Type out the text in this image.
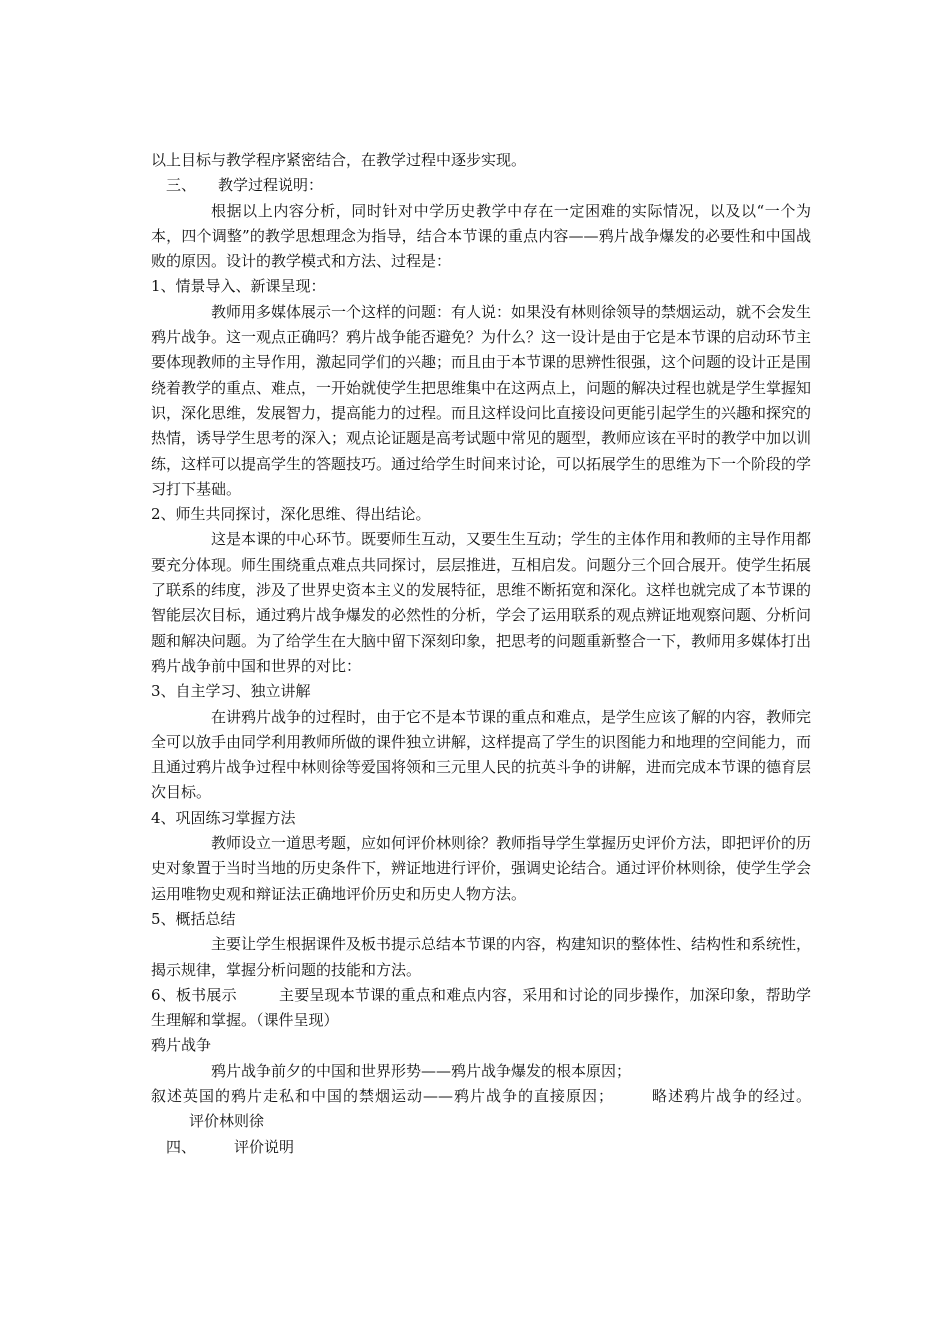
以上目标与教学程序紧密结合，在教学过程中逐步实现。

三、 教学过程说明：

根据以上内容分析，同时针对中学历史教学中存在一定困难的实际情况，以及以“一个为本，四个调整”的教学思想理念为指导，结合本节课的重点内容——鸦片战争爆发的必要性和中国战败的原因。设计的教学模式和方法、过程是：

1、情景导入、新课呈现：

教师用多媒体展示一个这样的问题：有人说：如果没有林则徐领导的禁烟运动，就不会发生鸦片战争。这一观点正确吗？鸦片战争能否避免？为什么？这一设计是由于它是本节课的启动环节主要体现教师的主导作用，激起同学们的兴趣；而且由于本节课的思辨性很强，这个问题的设计正是围绕着教学的重点、难点，一开始就使学生把思维集中在这两点上，问题的解决过程也就是学生掌握知识，深化思维，发展智力，提高能力的过程。而且这样设问比直接设问更能引起学生的兴趣和探究的热情，诱导学生思考的深入；观点论证题是高考试题中常见的题型，教师应该在平时的教学中加以训练，这样可以提高学生的答题技巧。通过给学生时间来讨论，可以拓展学生的思维为下一个阶段的学习打下基础。

2、师生共同探讨，深化思维、得出结论。

这是本课的中心环节。既要师生互动，又要生生互动；学生的主体作用和教师的主导作用都要充分体现。师生围绕重点难点共同探讨，层层推进，互相启发。问题分三个回合展开。使学生拓展了联系的纬度，涉及了世界史资本主义的发展特征，思维不断拓宽和深化。这样也就完成了本节课的智能层次目标，通过鸦片战争爆发的必然性的分析，学会了运用联系的观点辨证地观察问题、分析问题和解决问题。为了给学生在大脑中留下深刻印象，把思考的问题重新整合一下，教师用多媒体打出鸦片战争前中国和世界的对比：

3、自主学习、独立讲解

在讲鸦片战争的过程时，由于它不是本节课的重点和难点，是学生应该了解的内容，教师完全可以放手由同学利用教师所做的课件独立讲解，这样提高了学生的识图能力和地理的空间能力，而且通过鸦片战争过程中林则徐等爱国将领和三元里人民的抗英斗争的讲解，进而完成本节课的德育层次目标。

4、巩固练习掌握方法

教师设立一道思考题，应如何评价林则徐？教师指导学生掌握历史评价方法，即把评价的历史对象置于当时当地的历史条件下，辨证地进行评价，强调史论结合。通过评价林则徐，使学生学会运用唯物史观和辩证法正确地评价历史和历史人物方法。

5、概括总结

主要让学生根据课件及板书提示总结本节课的内容，构建知识的整体性、结构性和系统性，揭示规律，掌握分析问题的技能和方法。

6、板书展示	主要呈现本节课的重点和难点内容，采用和讨论的同步操作，加深印象，帮助学生理解和掌握。（课件呈现）

鸦片战争

鸦片战争前夕的中国和世界形势——鸦片战争爆发的根本原因；

叙述英国的鸦片走私和中国的禁烟运动——鸦片战争的直接原因；	略述鸦片战争的经过。评价林则徐

四、	评价说明
